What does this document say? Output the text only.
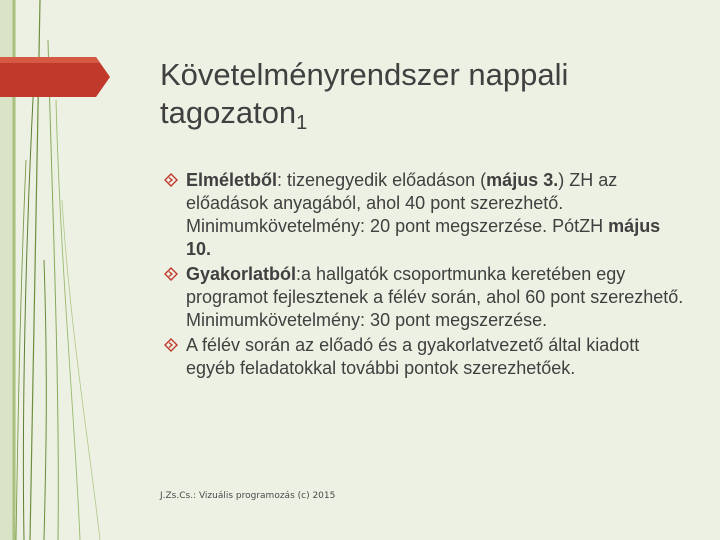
Követelményrendszer nappali tagozaton$_1$
Elméletből: tizenegyedik előadáson (május 3.) ZH az előadások anyagából, ahol 40 pont szerezhető. Minimumkövetelmény: 20 pont megszerzése. PótZH május 10.
Gyakorlatból:a hallgatók csoportmunka keretében egy programot fejlesztenek a félév során, ahol 60 pont szerezhető. Minimumkövetelmény: 30 pont megszerzése.
A félév során az előadó és a gyakorlatvezető által kiadott egyéb feladatokkal további pontok szerezhetőek.
J.Zs.Cs.: Vizuális programozás (c) 2015
